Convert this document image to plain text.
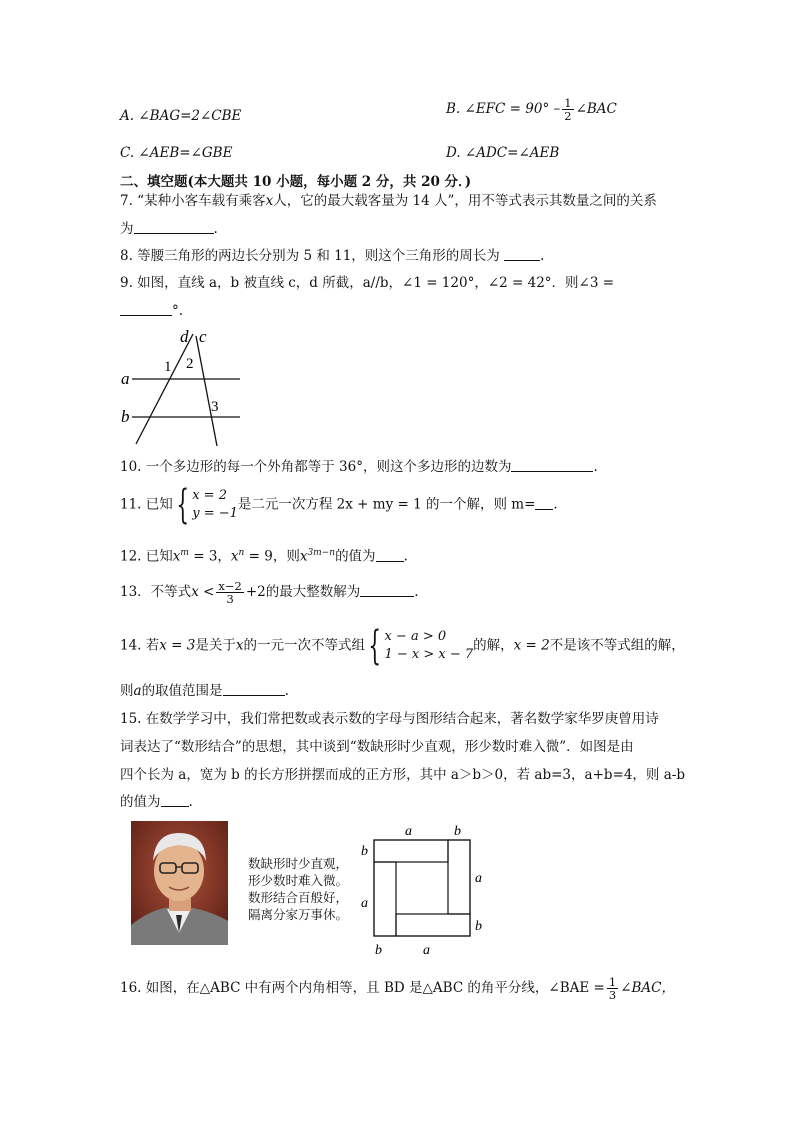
A. ∠BAG=2∠CBE	B. ∠EFC = $90^\circ - \frac{1}{2}$ ∠BAC
C. ∠AEB=∠GBE	D. ∠ADC=∠AEB
二、填空题(本大题共 10 小题，每小题 2 分，共 20 分．)
7. “某种小客车载有乘客x人，它的最大载客量为 14 人”，用不等式表示其数量之间的关系
为	.
8. 等腰三角形的两边长分别为 5 和 11，则这个三角形的周长为	.
9. 如图，直线 a，b 被直线 c，d 所截，a//b，∠1 = 120°，∠2 = 42°．则∠3 =
°.
d c
1 2
a
b	3
10. 一个多边形的每一个外角都等于 36°，则这个多边形的边数为	.
11. 已知{ x = 2
y = −1
是二元一次方程 2x + my = 1 的一个解，则 m= .
12. 已知$x^m = 3$，$x^n = 9$，则$x^{3m-n}$的值为 .
13．不等式$x < \frac{x-2}{3} +2$的最大整数解为	.
14. 若x = 3是关于x的一元一次不等式组{ x − a > 0
1 − x > x − 7
的解，x = 2不是该不等式组的解，
则a的取值范围是	.
15. 在数学学习中，我们常把数或表示数的字母与图形结合起来，著名数学家华罗庚曾用诗
词表达了“数形结合”的思想，其中谈到“数缺形时少直观，形少数时难入微”．如图是由
四个长为 a，宽为 b 的长方形拼摆而成的正方形，其中 a＞b＞0，若 ab=3，a+b=4，则 a-b
的值为 .
数缺形时少直观，
形少数时难入微。
数形结合百般好，
隔离分家万事休。
a	b
b
a
a
b
b	a
16. 如图，在△ABC 中有两个内角相等，且 BD 是△ABC 的角平分线，∠BAE = $\frac{1}{3}$ ∠BAC，
